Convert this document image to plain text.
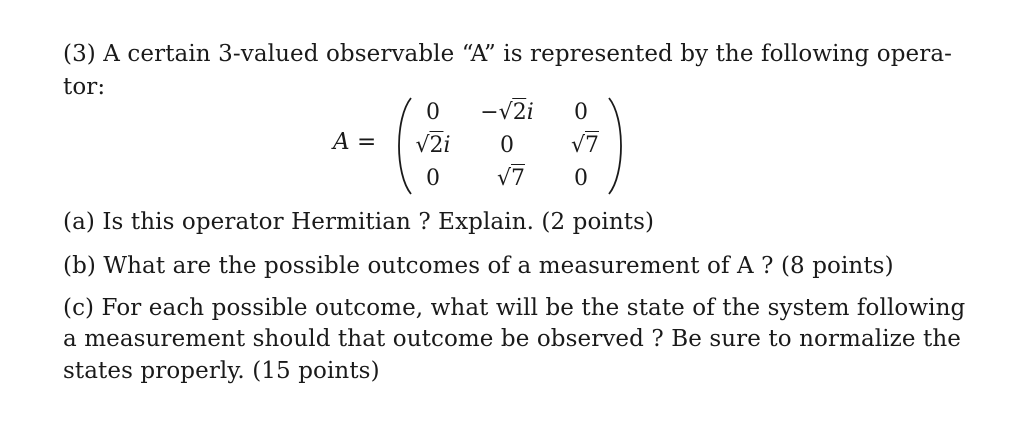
(3) A certain 3-valued observable “A” is represented by the following opera-
tor:
A =
0 −√2i 0
√2i 0	√7
0	√7 0
(a) Is this operator Hermitian ? Explain. (2 points)
(b) What are the possible outcomes of a measurement of A ? (8 points)
(c) For each possible outcome, what will be the state of the system following
a measurement should that outcome be observed ? Be sure to normalize the
states properly. (15 points)
